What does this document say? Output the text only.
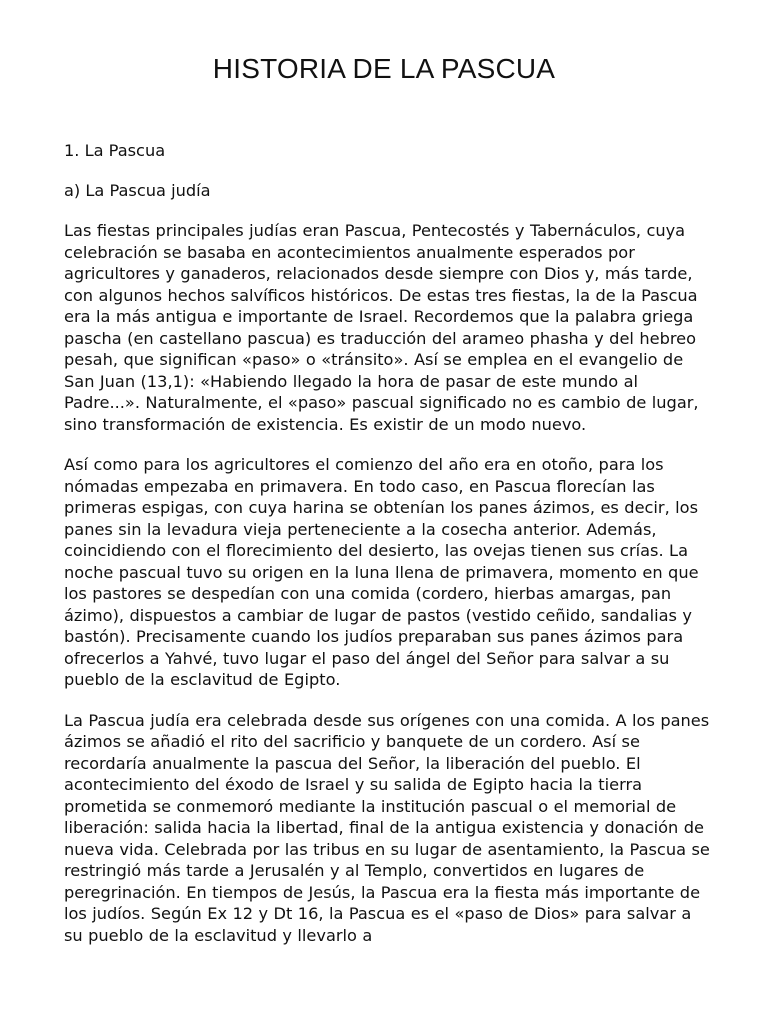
HISTORIA DE LA PASCUA

1. La Pascua

a) La Pascua judía

Las fiestas principales judías eran Pascua, Pentecostés y Tabernáculos, cuya celebración se basaba en acontecimientos anualmente esperados por agricultores y ganaderos, relacionados desde siempre con Dios y, más tarde, con algunos hechos salvíficos históricos. De estas tres fiestas, la de la Pascua era la más antigua e importante de Israel. Recordemos que la palabra griega pascha (en castellano pascua) es traducción del arameo phasha y del hebreo pesah, que significan «paso» o «tránsito». Así se emplea en el evangelio de San Juan (13,1): «Habiendo llegado la hora de pasar de este mundo al Padre...». Naturalmente, el «paso» pascual significado no es cambio de lugar, sino transformación de existencia. Es existir de un modo nuevo.

Así como para los agricultores el comienzo del año era en otoño, para los nómadas empezaba en primavera. En todo caso, en Pascua florecían las primeras espigas, con cuya harina se obtenían los panes ázimos, es decir, los panes sin la levadura vieja perteneciente a la cosecha anterior. Además, coincidiendo con el florecimiento del desierto, las ovejas tienen sus crías. La noche pascual tuvo su origen en la luna llena de primavera, momento en que los pastores se despedían con una comida (cordero, hierbas amargas, pan ázimo), dispuestos a cambiar de lugar de pastos (vestido ceñido, sandalias y bastón). Precisamente cuando los judíos preparaban sus panes ázimos para ofrecerlos a Yahvé, tuvo lugar el paso del ángel del Señor para salvar a su pueblo de la esclavitud de Egipto.

La Pascua judía era celebrada desde sus orígenes con una comida. A los panes ázimos se añadió el rito del sacrificio y banquete de un cordero. Así se recordaría anualmente la pascua del Señor, la liberación del pueblo. El acontecimiento del éxodo de Israel y su salida de Egipto hacia la tierra prometida se conmemoró mediante la institución pascual o el memorial de liberación: salida hacia la libertad, final de la antigua existencia y donación de nueva vida. Celebrada por las tribus en su lugar de asentamiento, la Pascua se restringió más tarde a Jerusalén y al Templo, convertidos en lugares de peregrinación. En tiempos de Jesús, la Pascua era la fiesta más importante de los judíos. Según Ex 12 y Dt 16, la Pascua es el «paso de Dios» para salvar a su pueblo de la esclavitud y llevarlo a
